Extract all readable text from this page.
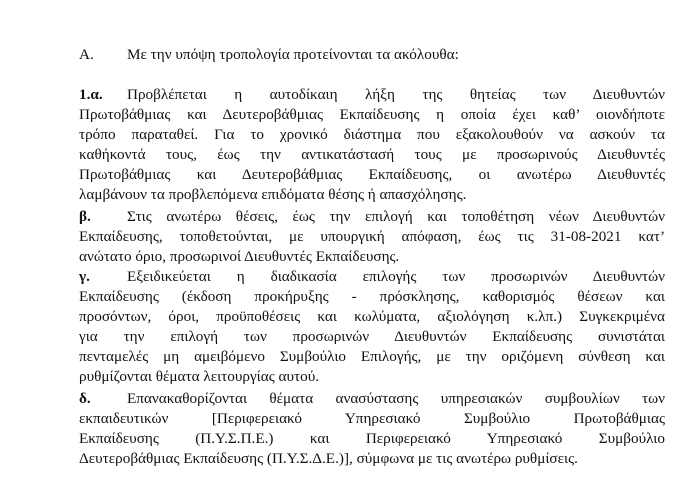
Α. Με την υπόψη τροπολογία προτείνονται τα ακόλουθα:
1.α. Προβλέπεται η αυτοδίκαιη λήξη της θητείας των Διευθυντών
Πρωτοβάθμιας και Δευτεροβάθμιας Εκπαίδευσης η οποία έχει καθ’ οιονδήποτε
τρόπο παραταθεί. Για το χρονικό διάστημα που εξακολουθούν να ασκούν τα
καθήκοντά τους, έως την αντικατάστασή τους με προσωρινούς Διευθυντές
Πρωτοβάθμιας και Δευτεροβάθμιας Εκπαίδευσης, οι ανωτέρω Διευθυντές
λαμβάνουν τα προβλεπόμενα επιδόματα θέσης ή απασχόλησης.
β. Στις ανωτέρω θέσεις, έως την επιλογή και τοποθέτηση νέων Διευθυντών
Εκπαίδευσης, τοποθετούνται, με υπουργική απόφαση, έως τις 31-08-2021 κατ’
ανώτατο όριο, προσωρινοί Διευθυντές Εκπαίδευσης.
γ. Εξειδικεύεται η διαδικασία επιλογής των προσωρινών Διευθυντών
Εκπαίδευσης (έκδοση προκήρυξης - πρόσκλησης, καθορισμός θέσεων και
προσόντων, όροι, προϋποθέσεις και κωλύματα, αξιολόγηση κ.λπ.) Συγκεκριμένα
για την επιλογή των προσωρινών Διευθυντών Εκπαίδευσης συνιστάται
πενταμελές μη αμειβόμενο Συμβούλιο Επιλογής, με την οριζόμενη σύνθεση και
ρυθμίζονται θέματα λειτουργίας αυτού.
δ. Επανακαθορίζονται θέματα ανασύστασης υπηρεσιακών συμβουλίων των
εκπαιδευτικών [Περιφερειακό Υπηρεσιακό Συμβούλιο Πρωτοβάθμιας
Εκπαίδευσης (Π.Υ.Σ.Π.Ε.) και Περιφερειακό Υπηρεσιακό Συμβούλιο
Δευτεροβάθμιας Εκπαίδευσης (Π.Υ.Σ.Δ.Ε.)], σύμφωνα με τις ανωτέρω ρυθμίσεις.
